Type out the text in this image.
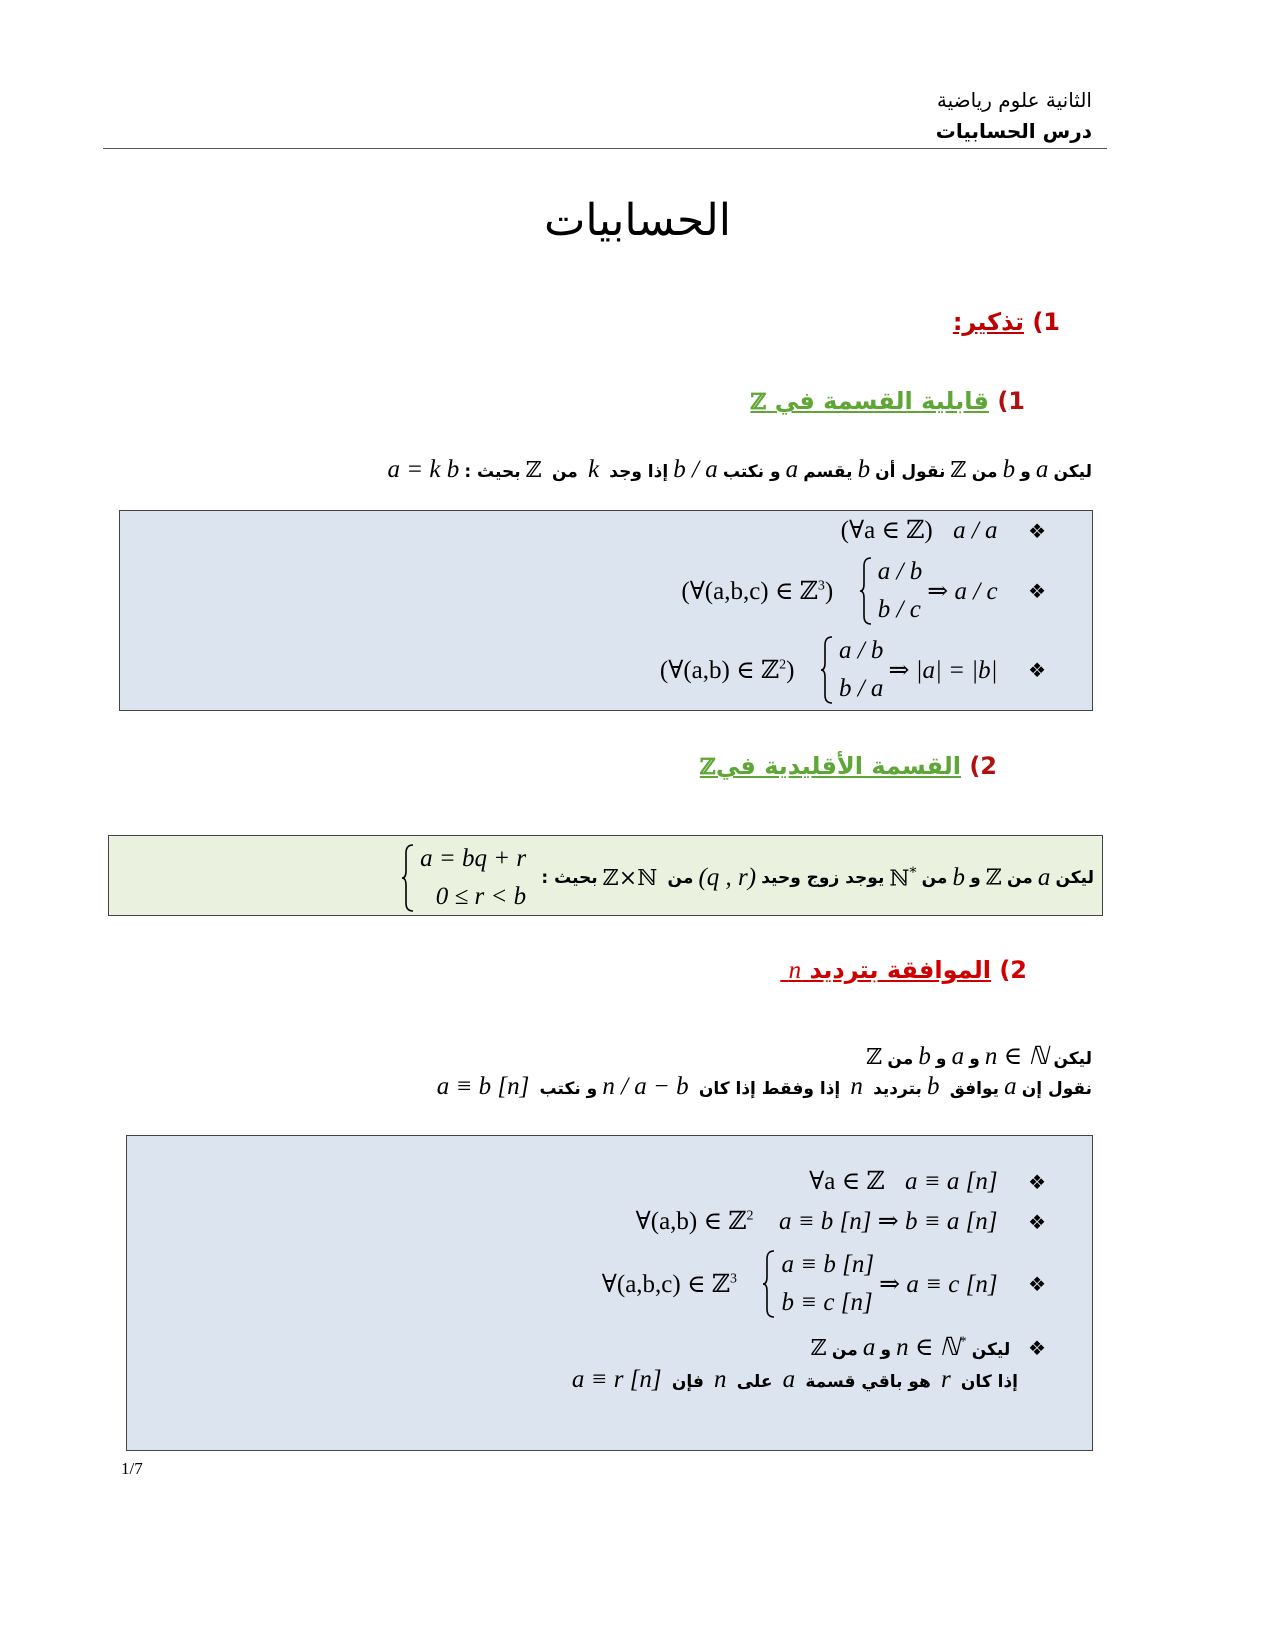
الثانية علوم رياضية
درس الحسابيات
الحسابيات
1) تذكير:
1) قابلية القسمة في ℤ
ليكن a و b من ℤ نقول أن b يقسم a و نكتب b / a إذا وجد  k  من  ℤ بحيث : a = k b
(∀a ∈ ℤ) a / a     ❖
(∀(a,b,c) ∈ ℤ$^3$)      a / b
b / c ⇒ a / c     ❖
(∀(a,b) ∈ ℤ$^2$)      a / b
b / a ⇒ |a| = |b|     ❖
2) القسمة الأقليدية فيℤ
ليكن a من ℤ و b من ℕ* يوجد زوج وحيد (q , r) من  ℤ×ℕ بحيث :    a = bq + r
0 ≤ r < b
2) الموافقة بترديد n
ليكن n ∈ ℕ و a و b من ℤ
نقول إن a يوافق  b بترديد  n  إذا وفقط إذا كان  n / a − b و نكتب  a ≡ b [n]
∀a ∈ ℤ a ≡ a [n]     ❖
∀(a,b) ∈ ℤ$^2$ a ≡ b [n] ⇒ b ≡ a [n]     ❖
∀(a,b,c) ∈ ℤ$^3$      a ≡ b [n]
b ≡ c [n] ⇒ a ≡ c [n]     ❖
❖   ليكن n ∈ ℕ* و a من ℤ
إذا كان  r  هو باقي قسمة  a  على  n  فإن  a ≡ r [n]
1/7
